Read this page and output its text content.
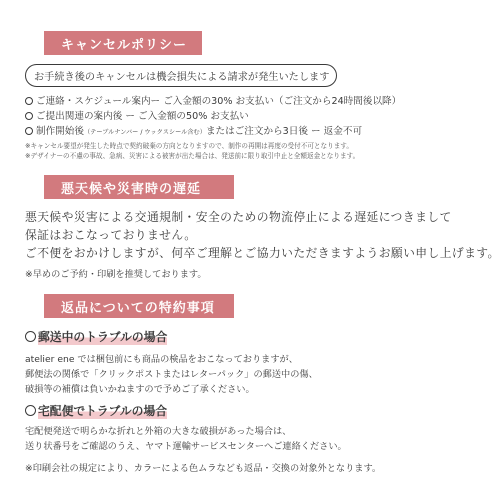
キャンセルポリシー
お手続き後のキャンセルは機会損失による請求が発生いたします
ご連絡・スケジュール案内ー ご入金額の30% お支払い（ご注文から24時間後以降）
ご提出関連の案内後 ー ご入金額の50% お支払い
制作開始後（テーブルナンバー / ウックスシール含む）またはご注文から3日後 ー 返金不可
※キャンセル要望が発生した時点で契約破棄の方向となりますので、制作の再開は再度の受付不可となります。
※デザイナーの不慮の事故、急病、災害による被害が出た場合は、発送前に限り取引中止と全額返金となります。
悪天候や災害時の遅延
悪天候や災害による交通規制・安全のための物流停止による遅延につきまして
保証はおこなっておりません。
ご不便をおかけしますが、何卒ご理解とご協力いただきますようお願い申し上げます。
※早めのご予約・印刷を推奨しております。
返品についての特約事項
郵送中のトラブルの場合
atelier ene では梱包前にも商品の検品をおこなっておりますが、
郵便法の関係で「クリックポストまたはレターパック」の郵送中の傷、
破損等の補償は負いかねますので予めご了承ください。
宅配便でトラブルの場合
宅配便発送で明らかな折れと外箱の大きな破損があった場合は、
送り状番号をご確認のうえ、ヤマト運輸サービスセンターへご連絡ください。
※印刷会社の規定により、カラーによる色ムラなども返品・交換の対象外となります。
